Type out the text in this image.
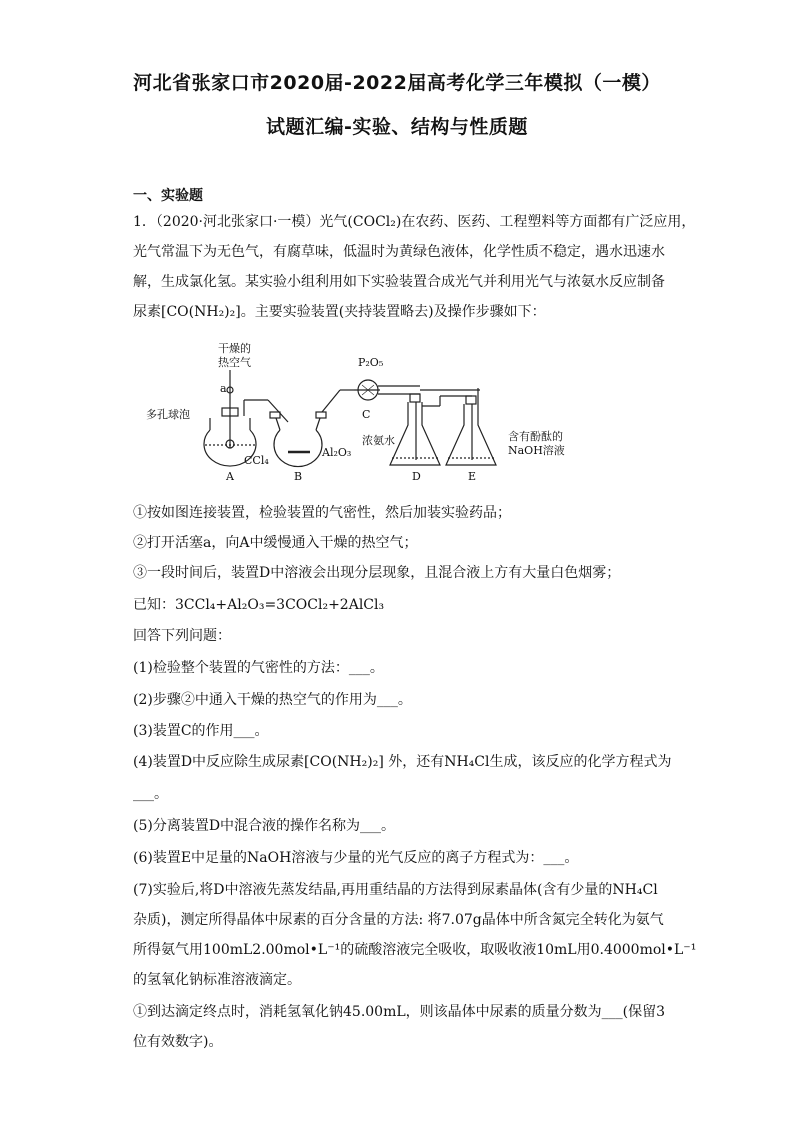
河北省张家口市2020届-2022届高考化学三年模拟（一模）
试题汇编-实验、结构与性质题
一、实验题
1．（2020·河北张家口·一模）光气(COCl₂)在农药、医药、工程塑料等方面都有广泛应用，
光气常温下为无色气，有腐草味，低温时为黄绿色液体，化学性质不稳定，遇水迅速水
解，生成氯化氢。某实验小组利用如下实验装置合成光气并利用光气与浓氨水反应制备
尿素[CO(NH₂)₂]。主要实验装置(夹持装置略去)及操作步骤如下：
干燥的
热空气
a
多孔球泡
CCl₄
Al₂O₃
P₂O₅
浓氨水	含有酚酞的
NaOH溶液
A	B
C
D	E
①按如图连接装置，检验装置的气密性，然后加装实验药品；
②打开活塞a，向A中缓慢通入干燥的热空气；
③一段时间后，装置D中溶液会出现分层现象，且混合液上方有大量白色烟雾；
已知：3CCl₄+Al₂O₃=3COCl₂+2AlCl₃
回答下列问题：
(1)检验整个装置的气密性的方法：___。
(2)步骤②中通入干燥的热空气的作用为___。
(3)装置C的作用___。
(4)装置D中反应除生成尿素[CO(NH₂)₂] 外，还有NH₄Cl生成，该反应的化学方程式为
___。
(5)分离装置D中混合液的操作名称为___。
(6)装置E中足量的NaOH溶液与少量的光气反应的离子方程式为：___。
(7)实验后,将D中溶液先蒸发结晶,再用重结晶的方法得到尿素晶体(含有少量的NH₄Cl
杂质)，测定所得晶体中尿素的百分含量的方法: 将7.07g晶体中所含氮完全转化为氨气
所得氨气用100mL2.00mol•L⁻¹的硫酸溶液完全吸收，取吸收液10mL用0.4000mol•L⁻¹
的氢氧化钠标准溶液滴定。
①到达滴定终点时，消耗氢氧化钠45.00mL，则该晶体中尿素的质量分数为___(保留3
位有效数字)。
